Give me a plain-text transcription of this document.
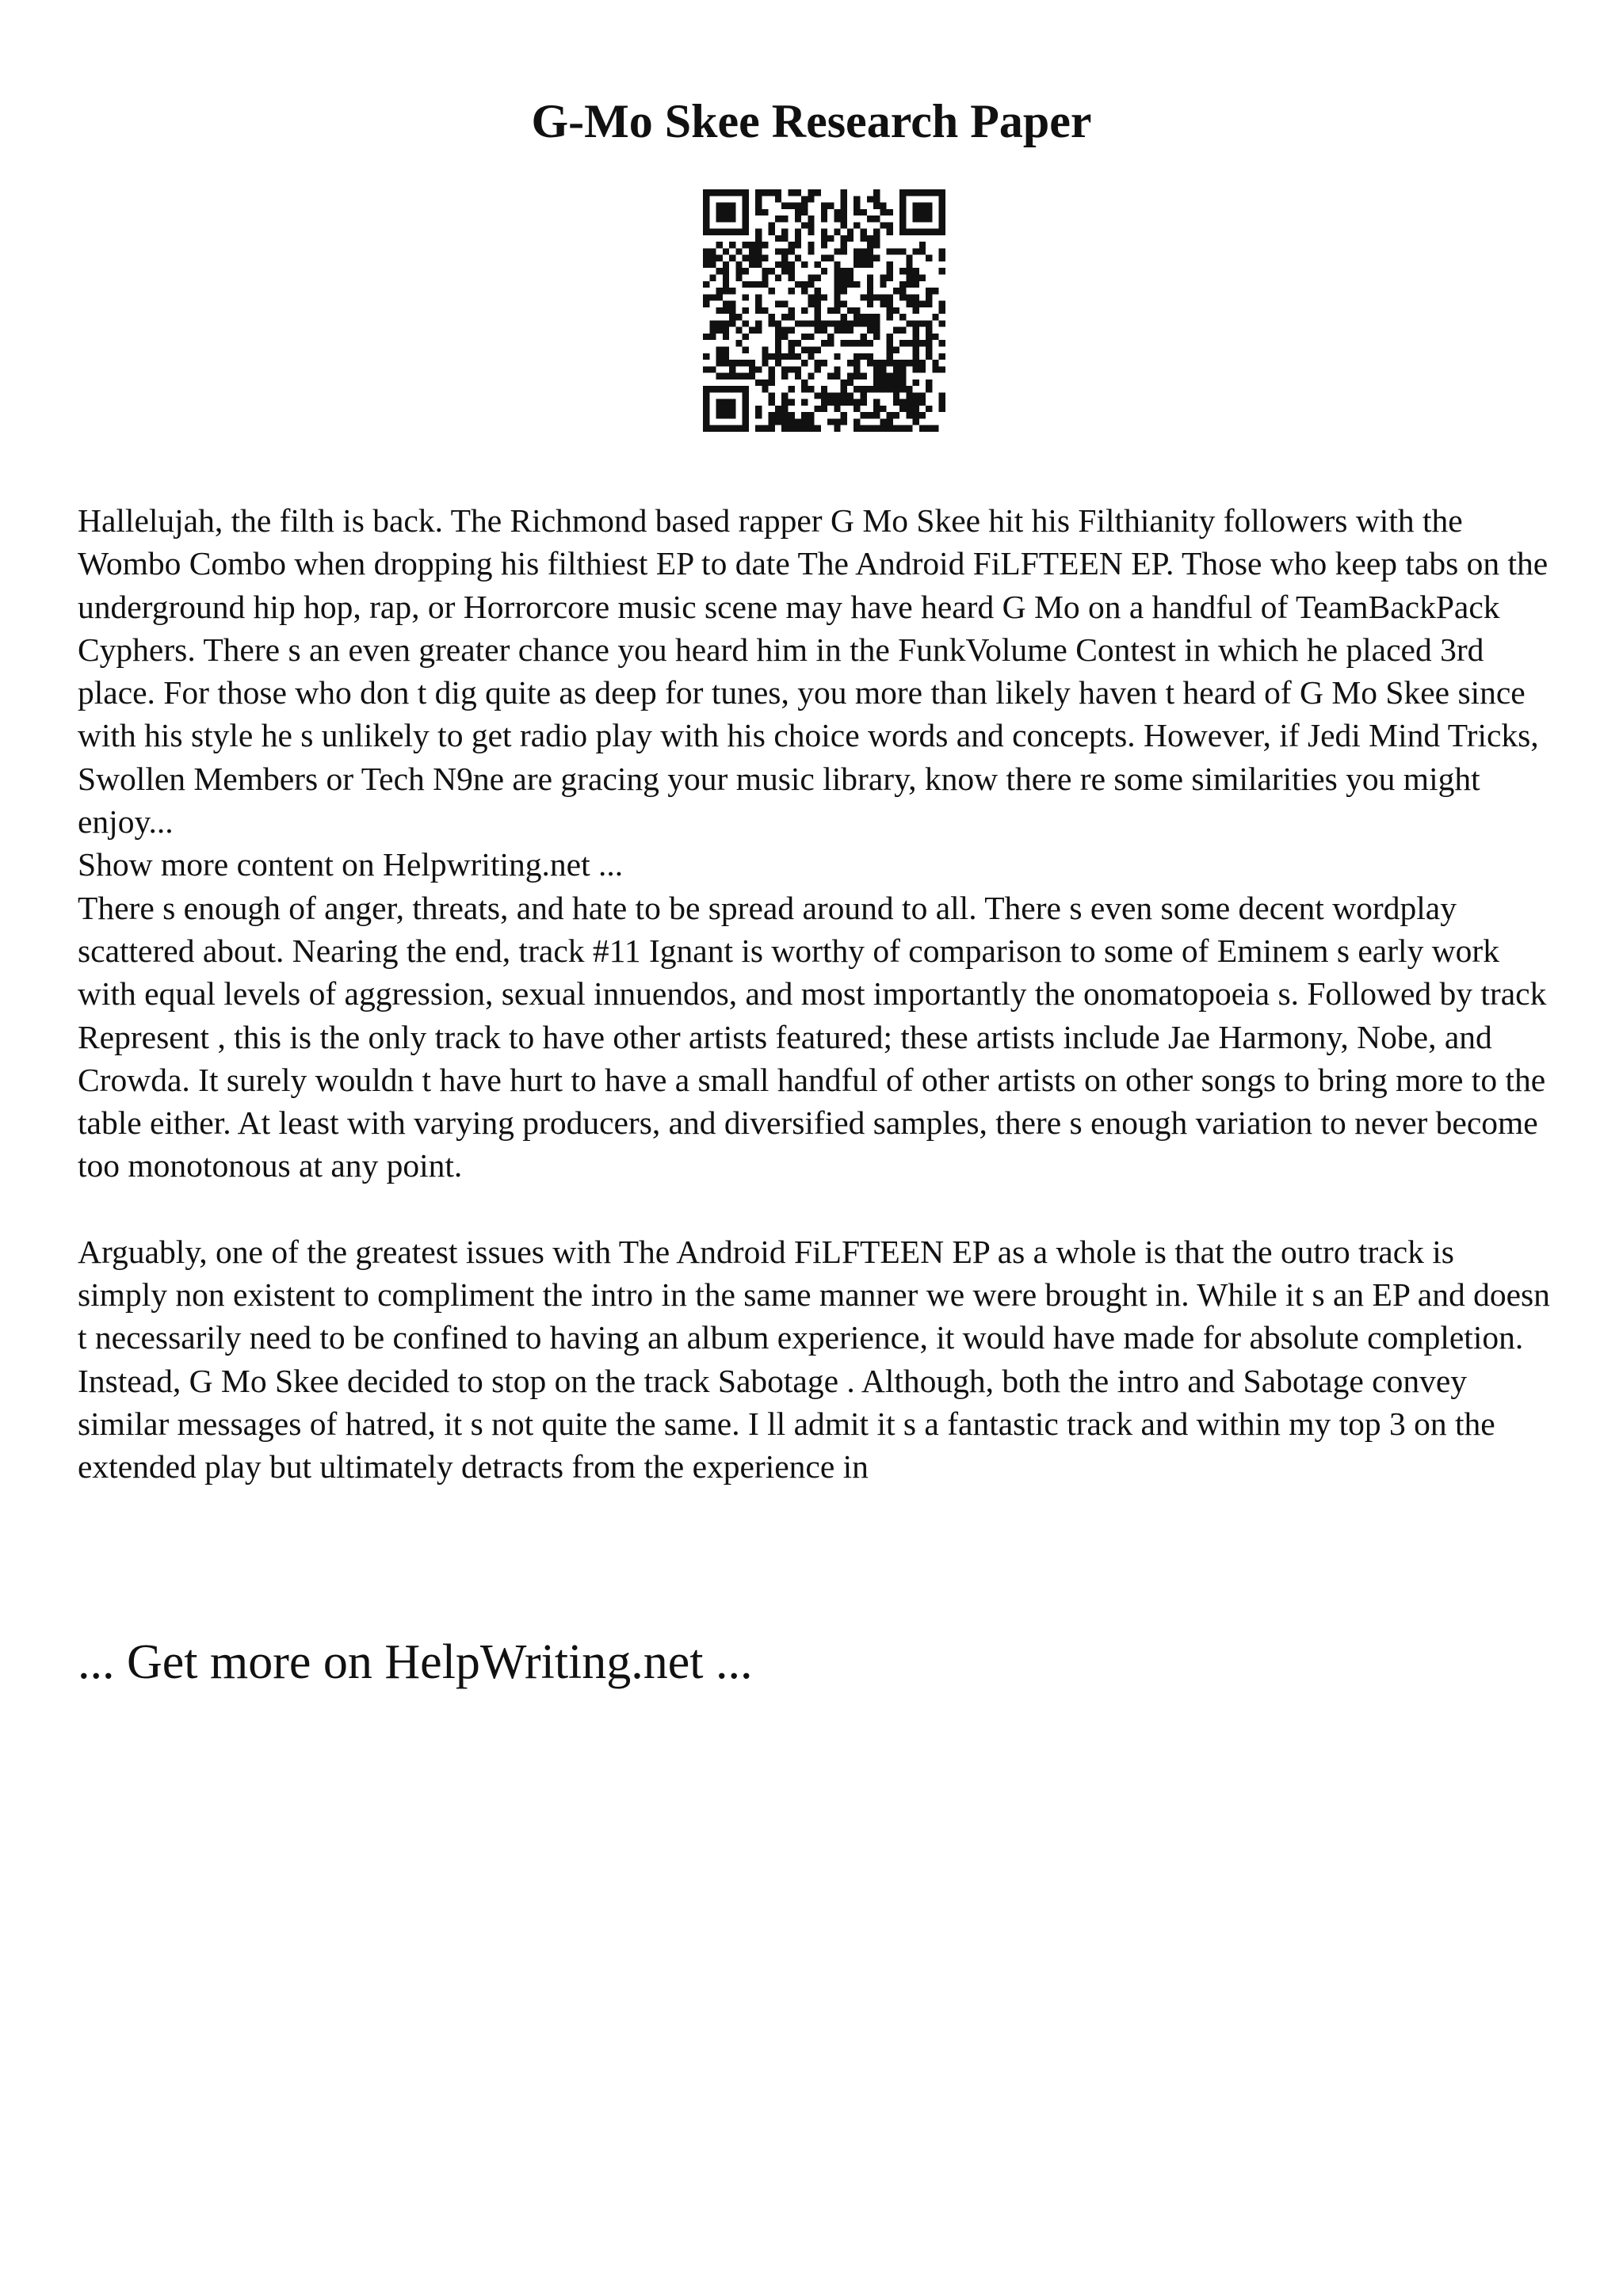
G-Mo Skee Research Paper

Hallelujah, the filth is back. The Richmond based rapper G Mo Skee hit his Filthianity followers with the Wombo Combo when dropping his filthiest EP to date The Android FiLFTEEN EP. Those who keep tabs on the underground hip hop, rap, or Horrorcore music scene may have heard G Mo on a handful of TeamBackPack Cyphers. There s an even greater chance you heard him in the FunkVolume Contest in which he placed 3rd place. For those who don t dig quite as deep for tunes, you more than likely haven t heard of G Mo Skee since with his style he s unlikely to get radio play with his choice words and concepts. However, if Jedi Mind Tricks, Swollen Members or Tech N9ne are gracing your music library, know there re some similarities you might enjoy...

Show more content on Helpwriting.net ...

There s enough of anger, threats, and hate to be spread around to all. There s even some decent wordplay scattered about. Nearing the end, track #11 Ignant is worthy of comparison to some of Eminem s early work with equal levels of aggression, sexual innuendos, and most importantly the onomatopoeia s. Followed by track Represent , this is the only track to have other artists featured; these artists include Jae Harmony, Nobe, and Crowda. It surely wouldn t have hurt to have a small handful of other artists on other songs to bring more to the table either. At least with varying producers, and diversified samples, there s enough variation to never become too monotonous at any point.

Arguably, one of the greatest issues with The Android FiLFTEEN EP as a whole is that the outro track is simply non existent to compliment the intro in the same manner we were brought in. While it s an EP and doesn t necessarily need to be confined to having an album experience, it would have made for absolute completion. Instead, G Mo Skee decided to stop on the track Sabotage . Although, both the intro and Sabotage convey similar messages of hatred, it s not quite the same. I ll admit it s a fantastic track and within my top 3 on the extended play but ultimately detracts from the experience in

... Get more on HelpWriting.net ...
